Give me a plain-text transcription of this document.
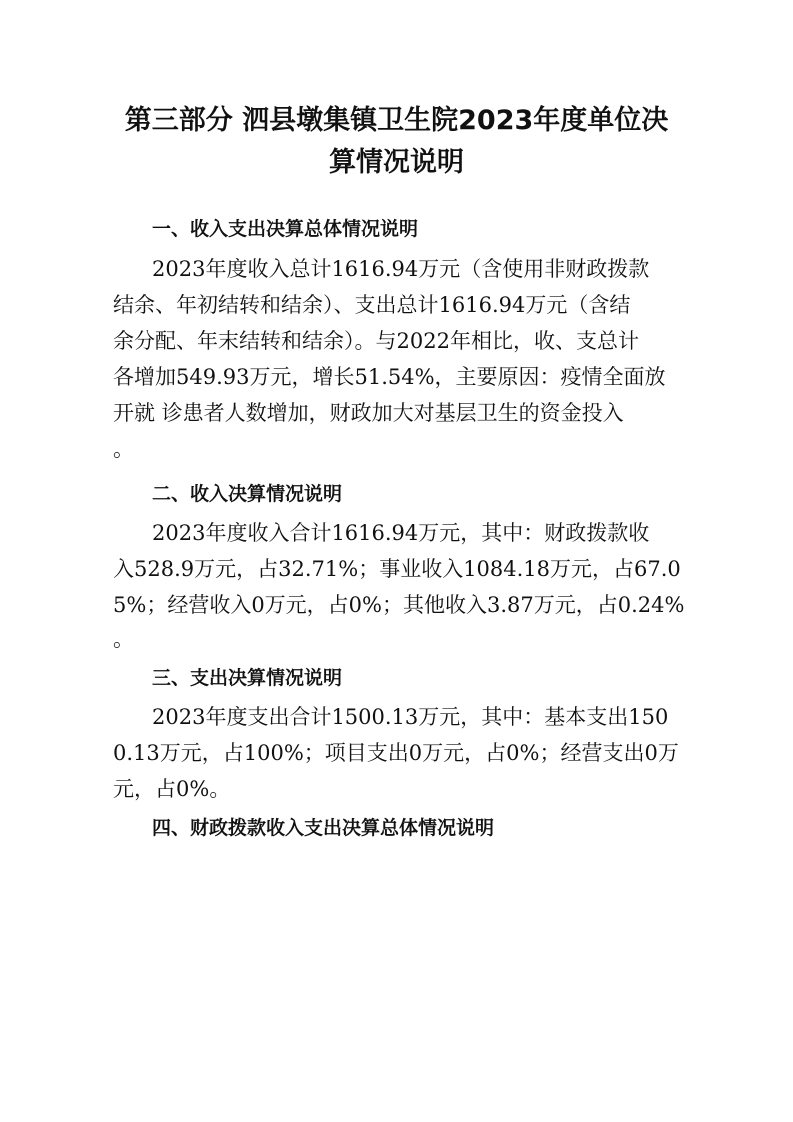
第三部分 泗县墩集镇卫生院2023年度单位决
算情况说明

一、收入支出决算总体情况说明

2023年度收入总计1616.94万元（含使用非财政拨款

结余、年初结转和结余）、支出总计1616.94万元（含结

余分配、年末结转和结余）。与2022年相比，收、支总计

各增加549.93万元，增长51.54%，主要原因：疫情全面放

开就 诊患者人数增加，财政加大对基层卫生的资金投入

。

二、收入决算情况说明

2023年度收入合计1616.94万元，其中：财政拨款收

入528.9万元，占32.71%；事业收入1084.18万元，占67.0

5%；经营收入0万元，占0%；其他收入3.87万元，占0.24%

。

三、支出决算情况说明

2023年度支出合计1500.13万元，其中：基本支出150

0.13万元，占100%；项目支出0万元，占0%；经营支出0万

元，占0%。

四、财政拨款收入支出决算总体情况说明
